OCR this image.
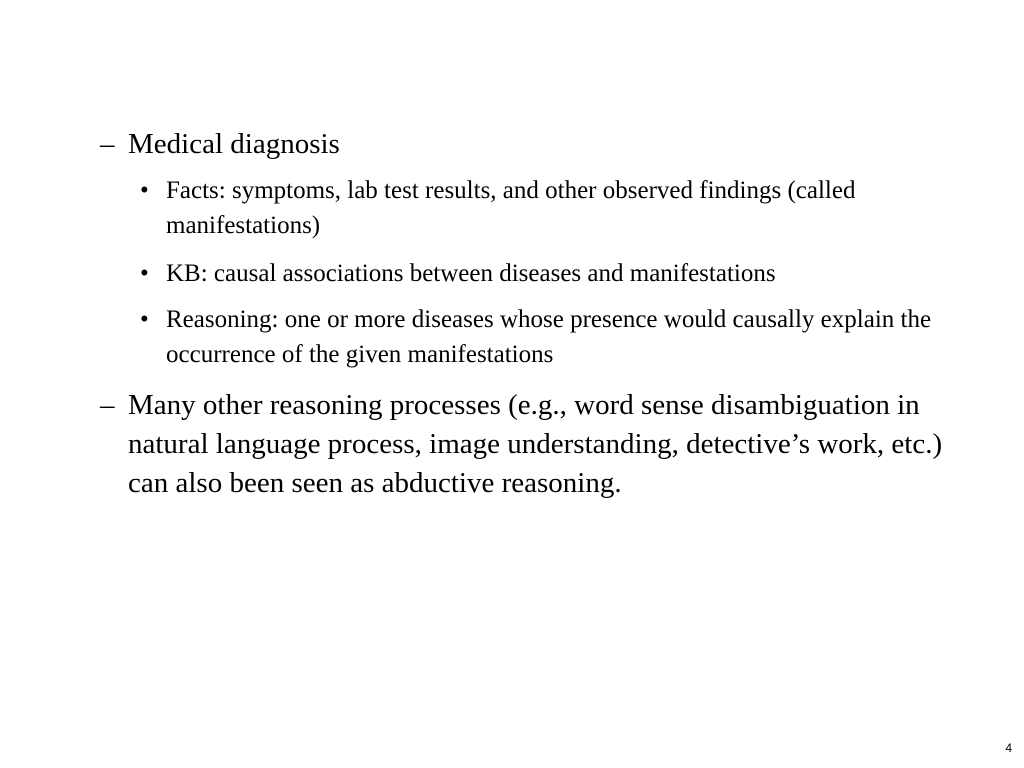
– Medical diagnosis
• Facts: symptoms, lab test results, and other observed findings (called manifestations)
• KB: causal associations between diseases and manifestations
• Reasoning: one or more diseases whose presence would causally explain the occurrence of the given manifestations
– Many other reasoning processes (e.g., word sense disambiguation in natural language process, image understanding, detective’s work, etc.) can also been seen as abductive reasoning.
4
